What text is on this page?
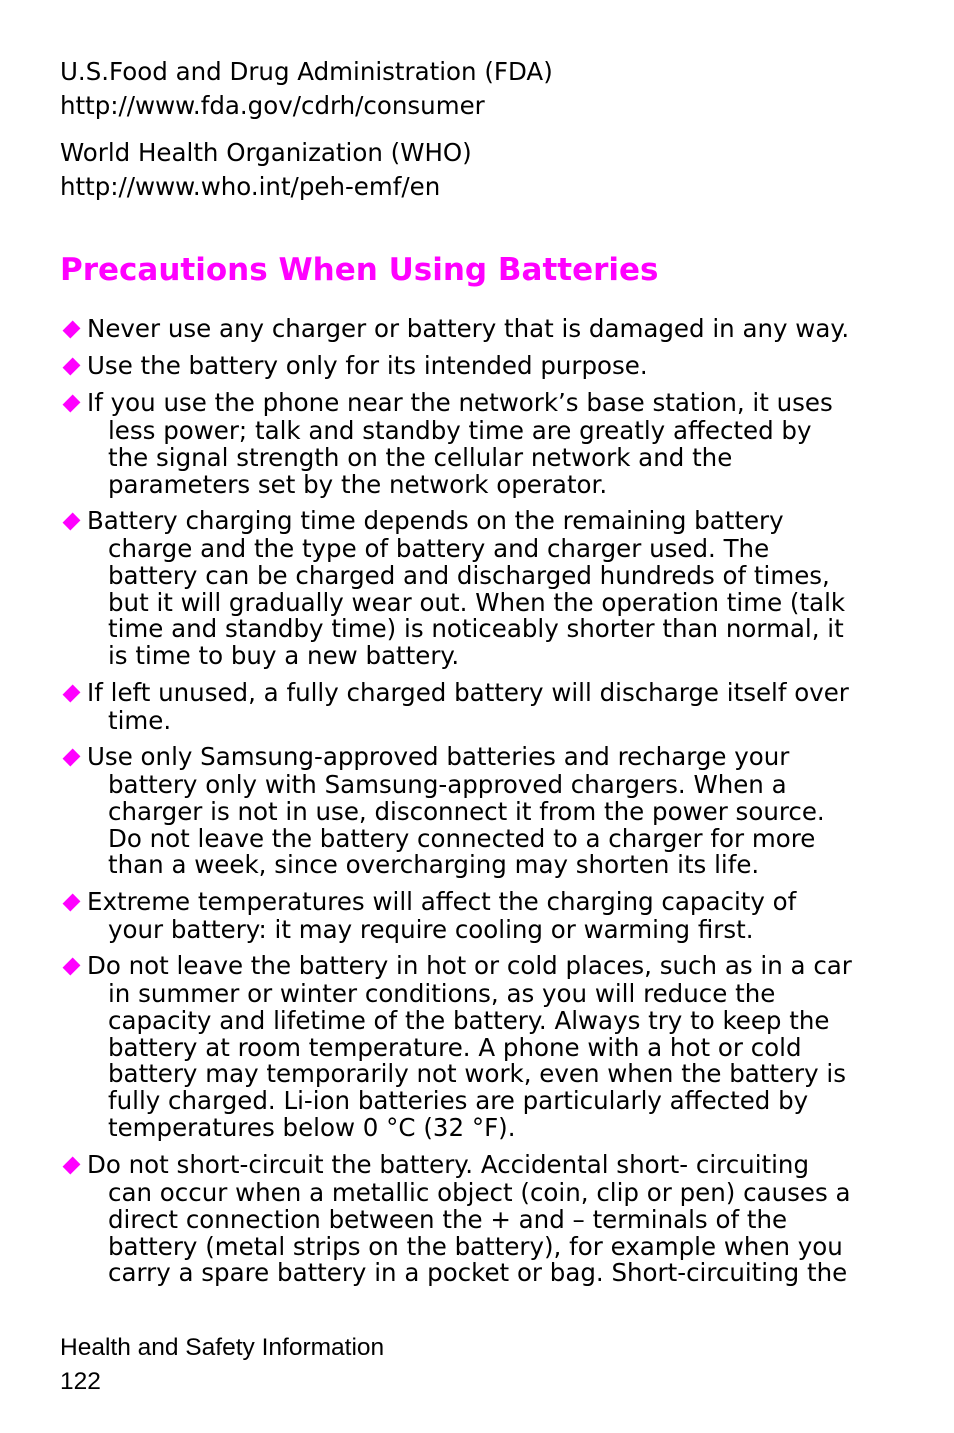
U.S.Food and Drug Administration (FDA)
http://www.fda.gov/cdrh/consumer
World Health Organization (WHO)
http://www.who.int/peh-emf/en
Precautions When Using Batteries
Never use any charger or battery that is damaged in any way.
Use the battery only for its intended purpose.
If you use the phone near the network’s base station, it uses
less power; talk and standby time are greatly affected by
the signal strength on the cellular network and the
parameters set by the network operator.
Battery charging time depends on the remaining battery
charge and the type of battery and charger used. The
battery can be charged and discharged hundreds of times,
but it will gradually wear out. When the operation time (talk
time and standby time) is noticeably shorter than normal, it
is time to buy a new battery.
If left unused, a fully charged battery will discharge itself over
time.
Use only Samsung-approved batteries and recharge your
battery only with Samsung-approved chargers. When a
charger is not in use, disconnect it from the power source.
Do not leave the battery connected to a charger for more
than a week, since overcharging may shorten its life.
Extreme temperatures will affect the charging capacity of
your battery: it may require cooling or warming first.
Do not leave the battery in hot or cold places, such as in a car
in summer or winter conditions, as you will reduce the
capacity and lifetime of the battery. Always try to keep the
battery at room temperature. A phone with a hot or cold
battery may temporarily not work, even when the battery is
fully charged. Li-ion batteries are particularly affected by
temperatures below 0 °C (32 °F).
Do not short-circuit the battery. Accidental short- circuiting
can occur when a metallic object (coin, clip or pen) causes a
direct connection between the + and – terminals of the
battery (metal strips on the battery), for example when you
carry a spare battery in a pocket or bag. Short-circuiting the
Health and Safety Information
122
